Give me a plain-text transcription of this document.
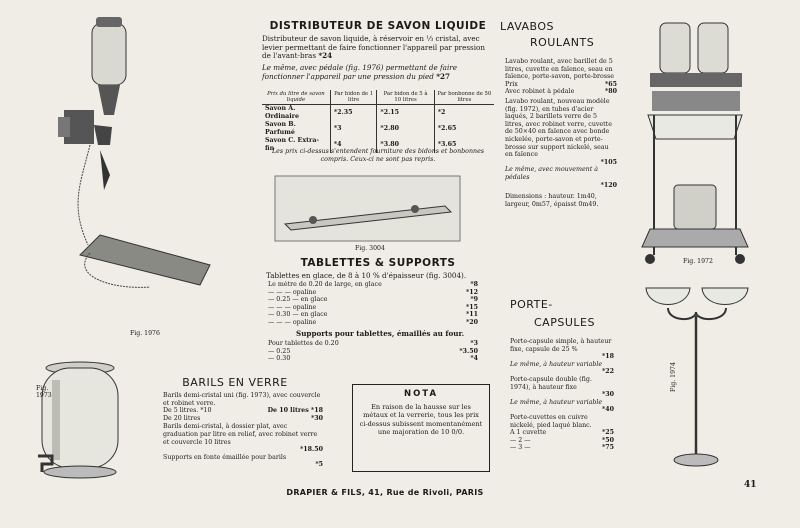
Fig. 1976
Fig. 1973
DISTRIBUTEUR DE SAVON LIQUIDE
Distributeur de savon liquide, à réservoir en ⅓ cristal, avec levier permettant de faire fonctionner l'appareil par pression de l'avant-bras *24
Le même, avec pédale (fig. 1976) permettant de faire fonctionner l'appareil par une pression du pied *27
Prix du litre de savon liquide	Par bidon de 1 litre	Par bidon de 5 à 10 litres	Par bonbonne de 50 litres
Savon A. Ordinaire	*2.35	*2.15	*2
Savon B. Parfumé	*3	*2.80	*2.65
Savon C. Extra-fin	*4	*3.80	*3.65
Les prix ci-dessus s'entendent fourniture des bidons et bonbonnes compris. Ceux-ci ne sont pas repris.
Fig. 3004
TABLETTES & SUPPORTS
Tablettes en glace, de 8 à 10 % d'épaisseur (fig. 3004).
Le mètre de 0.20 de large, en glace	*8
— — — opaline	*12
— 0.25 — en glace	*9
— — — opaline	*15
— 0.30 — en glace	*11
— — — opaline	*20
Supports pour tablettes, émaillés au four.
Pour tablettes de 0.20	*3
— 0.25	*3.50
— 0.30	*4
BARILS EN VERRE
Barils demi-cristal uni (fig. 1973), avec couvercle et robinet verre.
De 5 litres. *10	De 10 litres *18
De 20 litres	*30
Barils demi-cristal, à dossier plat, avec graduation par litre en relief, avec robinet verre et couvercle 10 litres
*18.50
Supports en fonte émaillée pour barils
*5
NOTA
En raison de la hausse sur les métaux et la verrerie, tous les prix ci-dessus subissent momentanément une majoration de 10 0/0.
DRAPIER & FILS, 41, Rue de Rivoli, PARIS
41
LAVABOS
ROULANTS
Lavabo roulant, avec barillet de 5 litres, cuvette en faïence, seau en faïence, porte-savon, porte-brosse
Prix	*65
Avec robinet à pédale	*80
Lavabo roulant, nouveau modèle (fig. 1972), en tubes d'acier laqués, 2 barillets verre de 5 litres, avec robinet verre, cuvette de 50×40 en faïence avec bonde nickelée, porte-savon et porte-brosse sur support nickelé, seau en faïence
*105
Le même, avec mouvement à pédales
*120
Dimensions : hauteur. 1m40, largeur, 0m57, épaisst 0m49.
Fig. 1972
PORTE-
CAPSULES
Porte-capsule simple, à hauteur fixe, capsule de 25 %
*18
Le même, à hauteur variable
*22
Porte-capsule double (fig. 1974), à hauteur fixe
*30
Le même, à hauteur variable
*40
Porte-cuvettes en cuivre nickelé, pied laqué blanc.
A 1 cuvette	*25
— 2 —	*50
— 3 —	*75
Fig. 1974
